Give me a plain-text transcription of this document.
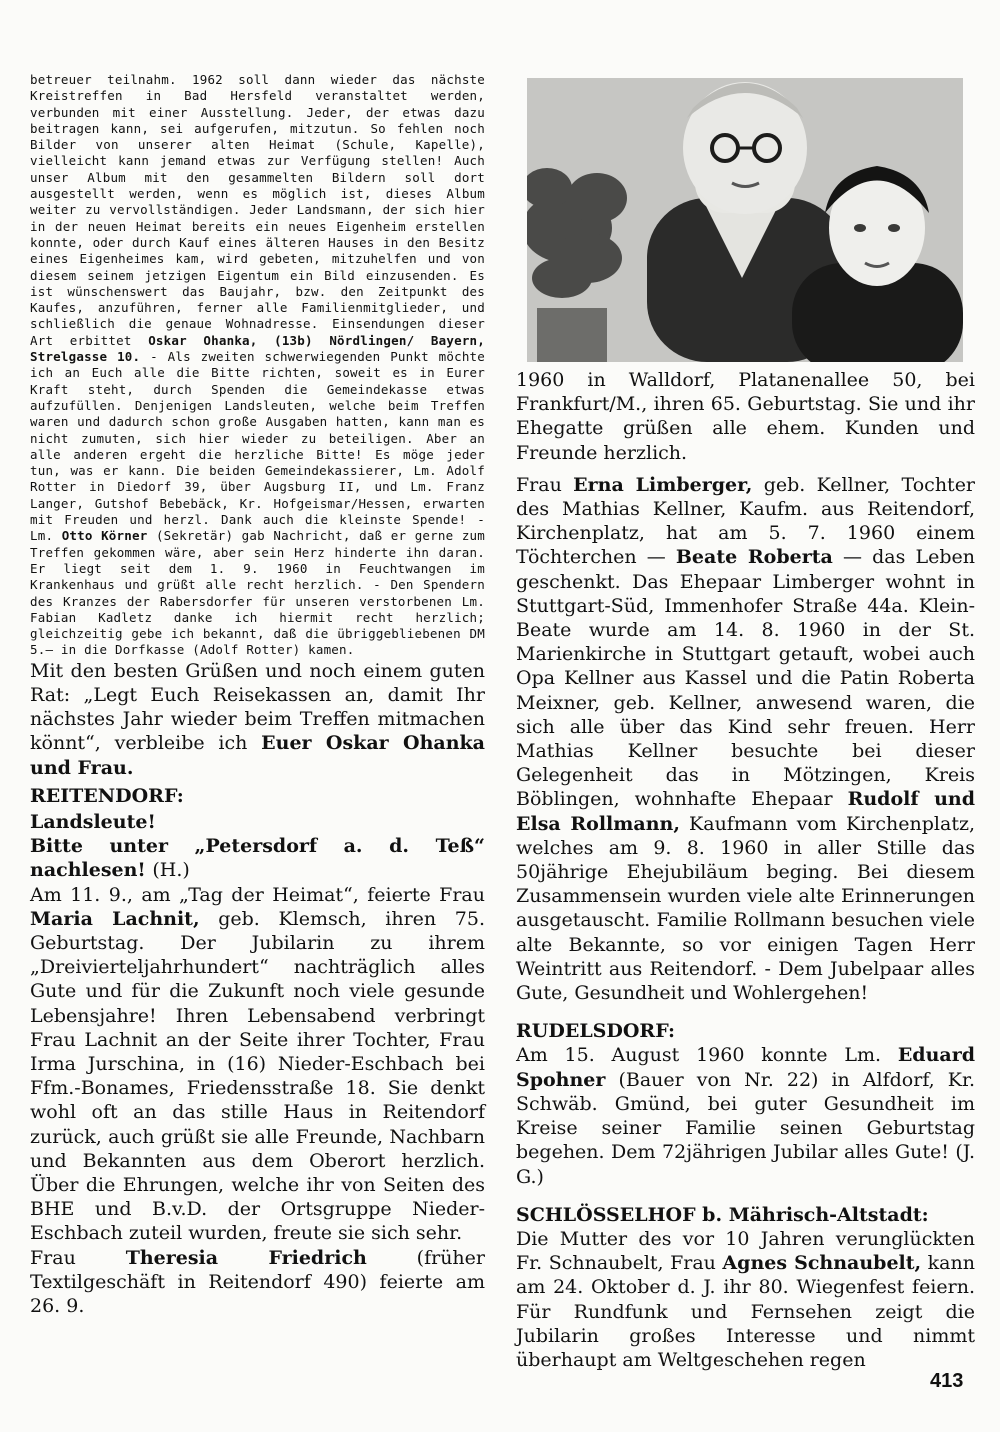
betreuer teilnahm. 1962 soll dann wieder das nächste Kreistreffen in Bad Hersfeld veranstaltet werden, verbunden mit einer Ausstellung. Jeder, der etwas dazu beitragen kann, sei aufgerufen, mitzutun. So fehlen noch Bilder von unserer alten Heimat (Schule, Kapelle), vielleicht kann jemand etwas zur Verfügung stellen! Auch unser Album mit den gesammelten Bildern soll dort ausgestellt werden, wenn es möglich ist, dieses Album weiter zu vervollständigen. Jeder Landsmann, der sich hier in der neuen Heimat bereits ein neues Eigenheim erstellen konnte, oder durch Kauf eines älteren Hauses in den Besitz eines Eigenheimes kam, wird gebeten, mitzuhelfen und von diesem seinem jetzigen Eigentum ein Bild einzusenden. Es ist wünschenswert das Baujahr, bzw. den Zeitpunkt des Kaufes, anzuführen, ferner alle Familienmitglieder, und schließlich die genaue Wohnadresse. Einsendungen dieser Art erbittet Oskar Ohanka, (13b) Nördlingen/ Bayern, Strelgasse 10. - Als zweiten schwerwiegenden Punkt möchte ich an Euch alle die Bitte richten, soweit es in Eurer Kraft steht, durch Spenden die Gemeindekasse etwas aufzufüllen. Denjenigen Landsleuten, welche beim Treffen waren und dadurch schon große Ausgaben hatten, kann man es nicht zumuten, sich hier wieder zu beteiligen. Aber an alle anderen ergeht die herzliche Bitte! Es möge jeder tun, was er kann. Die beiden Gemeindekassierer, Lm. Adolf Rotter in Diedorf 39, über Augsburg II, und Lm. Franz Langer, Gutshof Bebebäck, Kr. Hofgeismar/Hessen, erwarten mit Freuden und herzl. Dank auch die kleinste Spende! - Lm. Otto Körner (Sekretär) gab Nachricht, daß er gerne zum Treffen gekommen wäre, aber sein Herz hinderte ihn daran. Er liegt seit dem 1. 9. 1960 in Feuchtwangen im Krankenhaus und grüßt alle recht herzlich. - Den Spendern des Kranzes der Rabersdorfer für unseren verstorbenen Lm. Fabian Kadletz danke ich hiermit recht herzlich; gleichzeitig gebe ich bekannt, daß die übriggebliebenen DM 5.— in die Dorfkasse (Adolf Rotter) kamen.

Mit den besten Grüßen und noch einem guten Rat: „Legt Euch Reisekassen an, damit Ihr nächstes Jahr wieder beim Treffen mitmachen könnt“, verbleibe ich Euer Oskar Ohanka und Frau.

REITENDORF:

Landsleute!

Bitte unter „Petersdorf a. d. Teß“ nachlesen! (H.)

Am 11. 9., am „Tag der Heimat“, feierte Frau Maria Lachnit, geb. Klemsch, ihren 75. Geburtstag. Der Jubilarin zu ihrem „Dreivierteljahrhundert“ nachträglich alles Gute und für die Zukunft noch viele gesunde Lebensjahre! Ihren Lebensabend verbringt Frau Lachnit an der Seite ihrer Tochter, Frau Irma Jurschina, in (16) Nieder-Eschbach bei Ffm.-Bonames, Friedensstraße 18. Sie denkt wohl oft an das stille Haus in Reitendorf zurück, auch grüßt sie alle Freunde, Nachbarn und Bekannten aus dem Oberort herzlich. Über die Ehrungen, welche ihr von Seiten des BHE und B.v.D. der Ortsgruppe Nieder-Eschbach zuteil wurden, freute sie sich sehr.

Frau	Theresia Friedrich	(früher Textilgeschäft in Reitendorf 490) feierte am 26. 9.

1960 in Walldorf, Platanenallee 50, bei Frankfurt/M., ihren 65. Geburtstag. Sie und ihr Ehegatte grüßen alle ehem. Kunden und Freunde herzlich.

Frau Erna Limberger, geb. Kellner, Tochter des Mathias Kellner, Kaufm. aus Reitendorf, Kirchenplatz, hat am 5. 7. 1960 einem Töchterchen — Beate Roberta — das Leben geschenkt. Das Ehepaar Limberger wohnt in Stuttgart-Süd, Immenhofer Straße 44a. Klein-Beate wurde am 14. 8. 1960 in der St. Marienkirche in Stuttgart getauft, wobei auch Opa Kellner aus Kassel und die Patin Roberta Meixner, geb. Kellner, anwesend waren, die sich alle über das Kind sehr freuen. Herr Mathias Kellner besuchte bei dieser Gelegenheit das in Mötzingen, Kreis Böblingen, wohnhafte Ehepaar Rudolf und Elsa Rollmann, Kaufmann vom Kirchenplatz, welches am 9. 8. 1960 in aller Stille das 50jährige Ehejubiläum beging. Bei diesem Zusammensein wurden viele alte Erinnerungen ausgetauscht. Familie Rollmann besuchen viele alte Bekannte, so vor einigen Tagen Herr Weintritt aus Reitendorf. - Dem Jubelpaar alles Gute, Gesundheit und Wohlergehen!

RUDELSDORF:

Am 15. August 1960 konnte Lm. Eduard Spohner (Bauer von Nr. 22) in Alfdorf, Kr. Schwäb. Gmünd, bei guter Gesundheit im Kreise seiner Familie seinen Geburtstag begehen. Dem 72jährigen Jubilar alles Gute! (J. G.)

SCHLÖSSELHOF b. Mährisch-Altstadt:

Die Mutter des vor 10 Jahren verunglückten Fr. Schnaubelt, Frau Agnes Schnaubelt, kann am 24. Oktober d. J. ihr 80. Wiegenfest feiern. Für Rundfunk und Fernsehen zeigt die Jubilarin großes Interesse und nimmt überhaupt am Weltgeschehen regen

413
